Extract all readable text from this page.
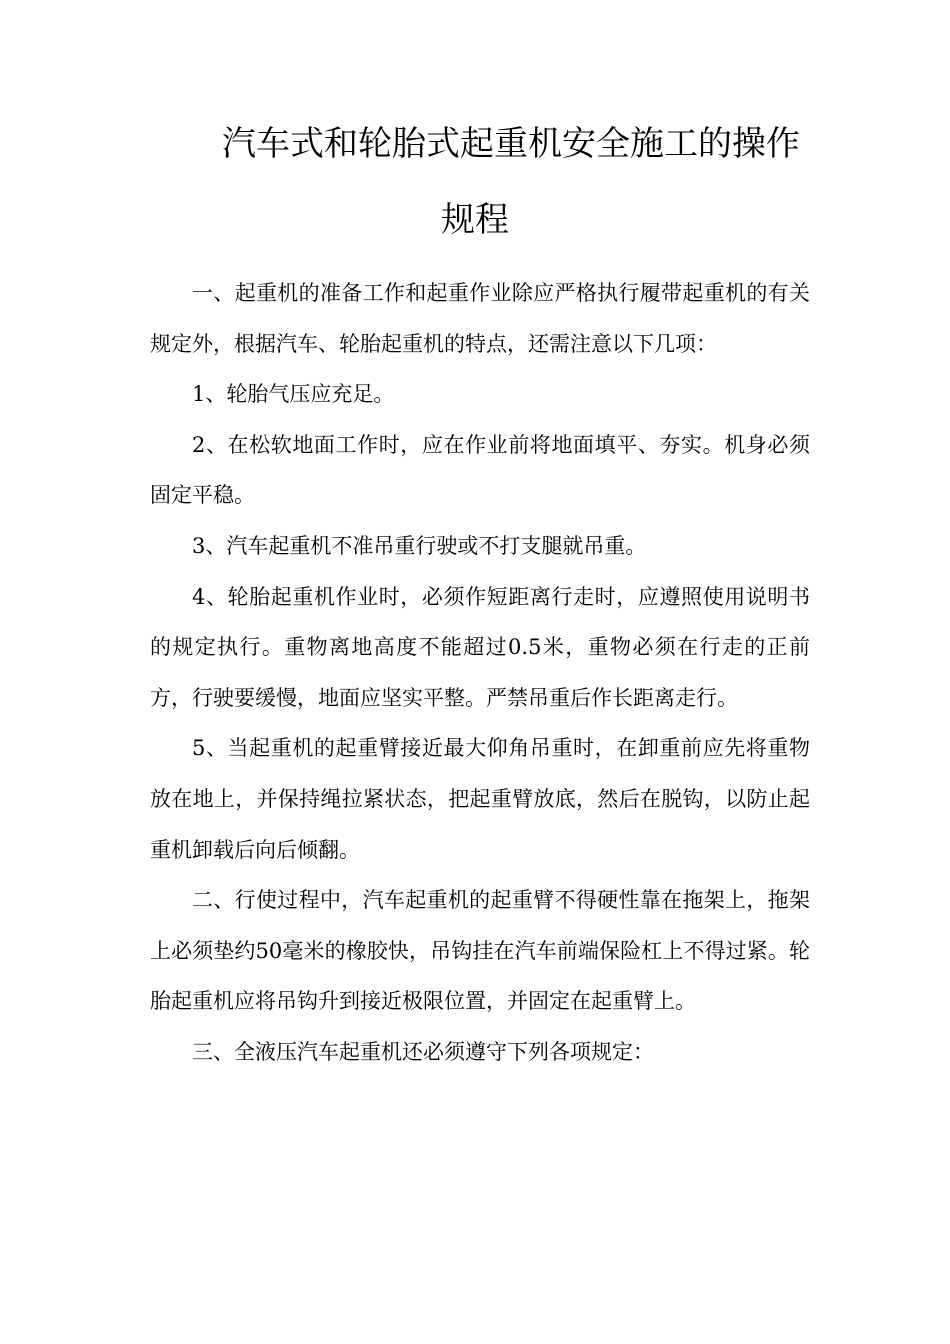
汽车式和轮胎式起重机安全施工的操作
规程

一、起重机的准备工作和起重作业除应严格执行履带起重机的有关规定外，根据汽车、轮胎起重机的特点，还需注意以下几项：

1、轮胎气压应充足。

2、在松软地面工作时，应在作业前将地面填平、夯实。机身必须固定平稳。

3、汽车起重机不准吊重行驶或不打支腿就吊重。

4、轮胎起重机作业时，必须作短距离行走时，应遵照使用说明书的规定执行。重物离地高度不能超过0.5米，重物必须在行走的正前方，行驶要缓慢，地面应坚实平整。严禁吊重后作长距离走行。

5、当起重机的起重臂接近最大仰角吊重时，在卸重前应先将重物放在地上，并保持绳拉紧状态，把起重臂放底，然后在脱钩，以防止起重机卸载后向后倾翻。

二、行使过程中，汽车起重机的起重臂不得硬性靠在拖架上，拖架上必须垫约50毫米的橡胶快，吊钩挂在汽车前端保险杠上不得过紧。轮胎起重机应将吊钩升到接近极限位置，并固定在起重臂上。

三、全液压汽车起重机还必须遵守下列各项规定：
